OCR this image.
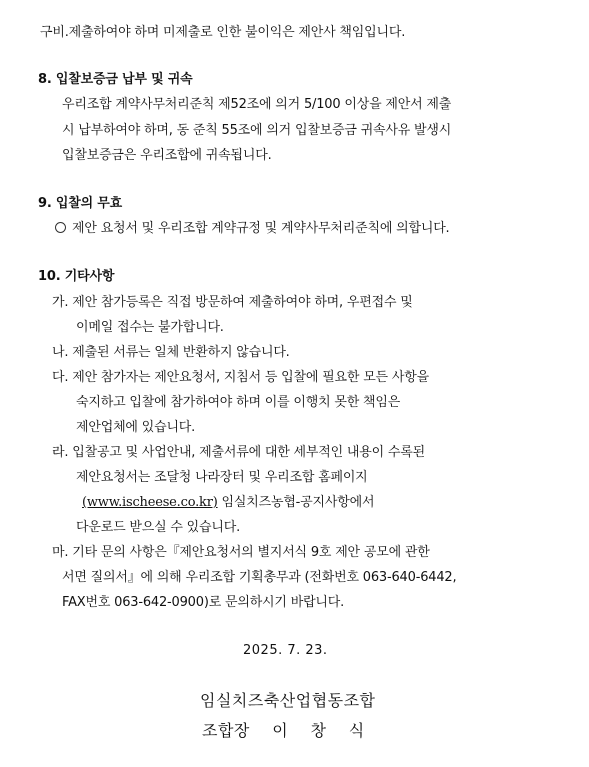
구비.제출하여야 하며 미제출로 인한 불이익은 제안사 책임입니다.
8. 입찰보증금 납부 및 귀속
우리조합 계약사무처리준칙 제52조에 의거 5/100 이상을 제안서 제출
시 납부하여야 하며, 동 준칙 55조에 의거 입찰보증금 귀속사유 발생시
입찰보증금은 우리조합에 귀속됩니다.
9. 입찰의 무효
제안 요청서 및 우리조합 계약규정 및 계약사무처리준칙에 의합니다.
10. 기타사항
가. 제안 참가등록은 직접 방문하여 제출하여야 하며, 우편접수 및
이메일 접수는 불가합니다.
나. 제출된 서류는 일체 반환하지 않습니다.
다. 제안 참가자는 제안요청서, 지침서 등 입찰에 필요한 모든 사항을
숙지하고 입찰에 참가하여야 하며 이를 이행치 못한 책임은
제안업체에 있습니다.
라. 입찰공고 및 사업안내, 제출서류에 대한 세부적인 내용이 수록된
제안요청서는 조달청 나라장터 및 우리조합 홈페이지
(www.ischeese.co.kr) 임실치즈농협-공지사항에서
다운로드 받으실 수 있습니다.
마. 기타 문의 사항은『제안요청서의 별지서식 9호 제안 공모에 관한
서면 질의서』에 의해 우리조합 기획총무과 (전화번호 063-640-6442,
FAX번호 063-642-0900)로 문의하시기 바랍니다.
2025. 7. 23.
임실치즈축산업협동조합
조합장    이    창    식
